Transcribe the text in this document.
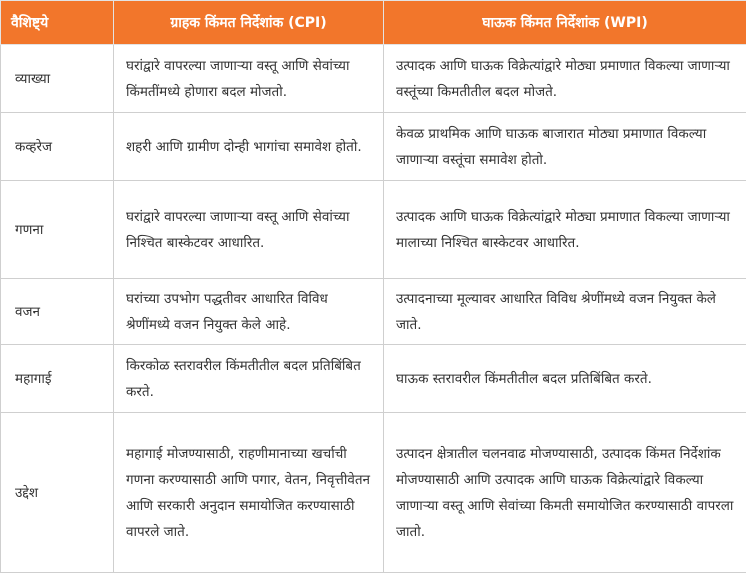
वैशिष्ट्ये	ग्राहक किंमत निर्देशांक (CPI)	घाऊक किंमत निर्देशांक (WPI)
व्याख्या	घरांद्वारे वापरल्या जाणाऱ्या वस्तू आणि सेवांच्या किंमतींमध्ये होणारा बदल मोजतो.	उत्पादक आणि घाऊक विक्रेत्यांद्वारे मोठ्या प्रमाणात विकल्या जाणाऱ्या वस्तूंच्या किमतीतील बदल मोजते.
कव्हरेज	शहरी आणि ग्रामीण दोन्ही भागांचा समावेश होतो.	केवळ प्राथमिक आणि घाऊक बाजारात मोठ्या प्रमाणात विकल्या जाणाऱ्या वस्तूंचा समावेश होतो.
गणना	घरांद्वारे वापरल्या जाणाऱ्या वस्तू आणि सेवांच्या निश्चित बास्केटवर आधारित.	उत्पादक आणि घाऊक विक्रेत्यांद्वारे मोठ्या प्रमाणात विकल्या जाणाऱ्या मालाच्या निश्चित बास्केटवर आधारित.
वजन	घरांच्या उपभोग पद्धतीवर आधारित विविध श्रेणींमध्ये वजन नियुक्त केले आहे.	उत्पादनाच्या मूल्यावर आधारित विविध श्रेणींमध्ये वजन नियुक्त केले जाते.
महागाई	किरकोळ स्तरावरील किंमतीतील बदल प्रतिबिंबित करते.	घाऊक स्तरावरील किंमतीतील बदल प्रतिबिंबित करते.
उद्देश	महागाई मोजण्यासाठी, राहणीमानाच्या खर्चाची गणना करण्यासाठी आणि पगार, वेतन, निवृत्तीवेतन आणि सरकारी अनुदान समायोजित करण्यासाठी वापरले जाते.	उत्पादन क्षेत्रातील चलनवाढ मोजण्यासाठी, उत्पादक किंमत निर्देशांक मोजण्यासाठी आणि उत्पादक आणि घाऊक विक्रेत्यांद्वारे विकल्या जाणाऱ्या वस्तू आणि सेवांच्या किमती समायोजित करण्यासाठी वापरला जातो.
